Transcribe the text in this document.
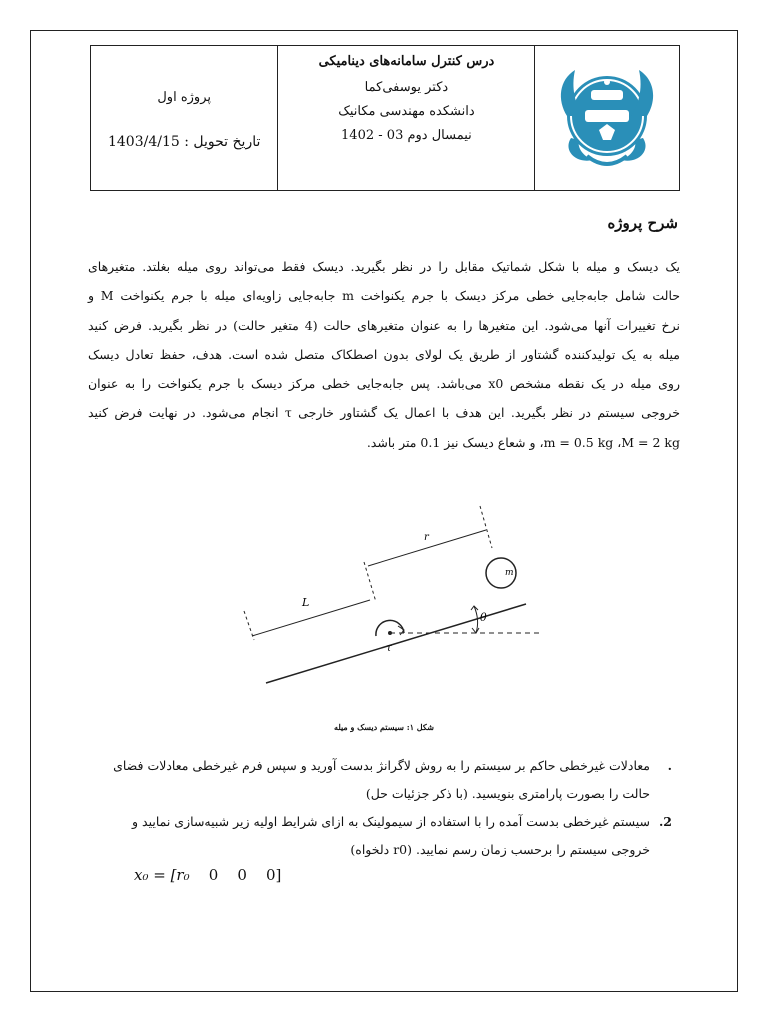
پروژه اول
تاریخ تحویل : 1403/4/15
درس کنترل سامانه‌های دینامیکی
دکتر یوسفی‌کما
دانشکده مهندسی مکانیک
نیمسال دوم 03 - 1402
شرح پروژه
یک دیسک و میله با شکل شماتیک مقابل را در نظر بگیرید. دیسک فقط می‌تواند روی میله بغلتد. متغیرهای
حالت شامل جابه‌جایی خطی مرکز دیسک با جرم یکنواخت m جابه‌جایی زاویه‌ای میله با جرم یکنواخت M و
نرخ تغییرات آنها می‌شود. این متغیرها را به عنوان متغیرهای حالت (4 متغیر حالت) در نظر بگیرید. فرض کنید
میله به یک تولیدکننده گشتاور از طریق یک لولای بدون اصطکاک متصل شده است. هدف، حفظ تعادل دیسک
روی میله در یک نقطه مشخص x0 می‌باشد. پس جابه‌جایی خطی مرکز دیسک با جرم یکنواخت را به عنوان
خروجی سیستم در نظر بگیرید. این هدف با اعمال یک گشتاور خارجی τ انجام می‌شود. در نهایت فرض کنید
m = 0.5 kg ،M = 2 kg، و شعاع دیسک نیز 0.1 متر باشد.
m
τ
θ
L
r
شکل ۱: سیستم دیسک و میله
.
معادلات غیرخطی حاکم بر سیستم را به روش لاگرانژ بدست آورید و سپس فرم غیرخطی معادلات فضای
حالت را بصورت پارامتری بنویسید. (با ذکر جزئیات حل)
.2
سیستم غیرخطی بدست آمده را با استفاده از سیمولینک به ازای شرایط اولیه زیر شبیه‌سازی نمایید و
خروجی سیستم را برحسب زمان رسم نمایید. (r0 دلخواه)
x₀ = [r₀ 0 0 0]
